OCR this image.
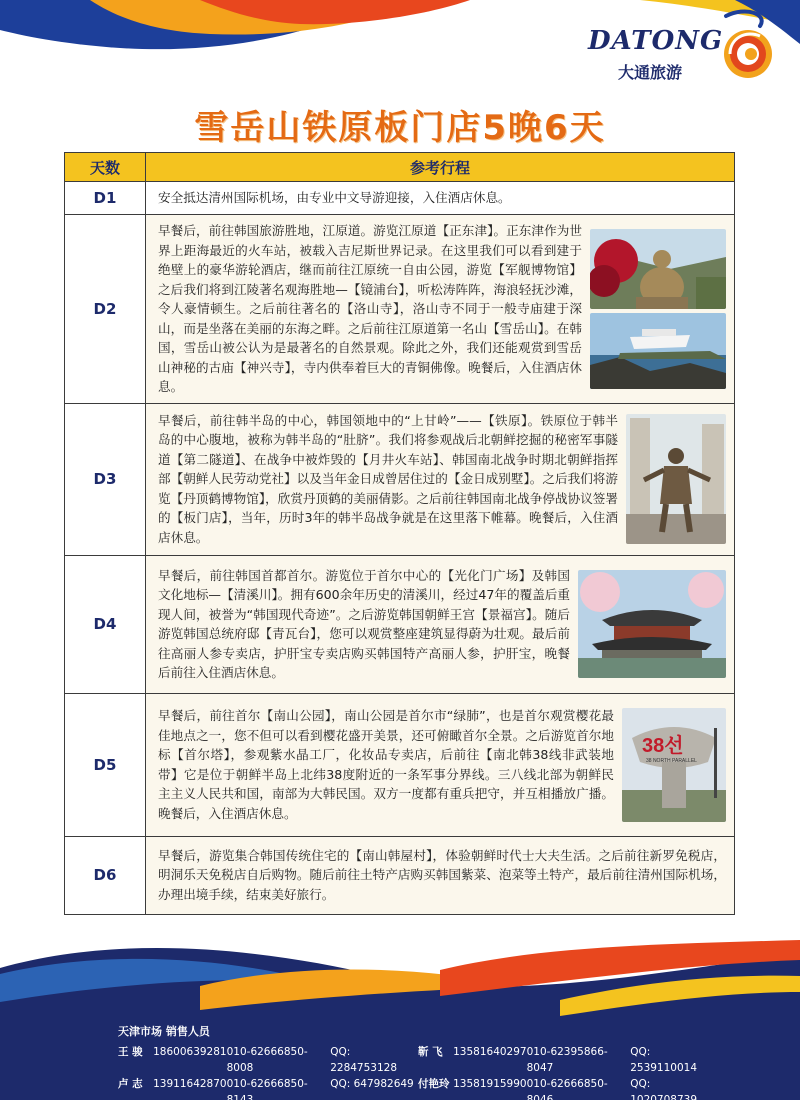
DATONG
大通旅游
雪岳山铁原板门店5晚6天
天数	参考行程
D1	安全抵达清州国际机场，由专业中文导游迎接，入住酒店休息。

D2	早餐后，前往韩国旅游胜地，江原道。游览江原道【正东津】。正东津作为世界上距海最近的火车站，被载入吉尼斯世界记录。在这里我们可以看到建于绝壁上的豪华游轮酒店，继而前往江原统一自由公园，游览【军舰博物馆】之后我们将到江陵著名观海胜地—【镜浦台】，听松涛阵阵，海浪轻抚沙滩，令人豪情顿生。之后前往著名的【洛山寺】，洛山寺不同于一般寺庙建于深山，而是坐落在美丽的东海之畔。之后前往江原道第一名山【雪岳山】。在韩国，雪岳山被公认为是最著名的自然景观。除此之外，我们还能观赏到雪岳山神秘的古庙【神兴寺】，寺内供奉着巨大的青铜佛像。晚餐后，入住酒店休息。

D3	早餐后，前往韩半岛的中心，韩国领地中的“上甘岭”——【铁原】。铁原位于韩半岛的中心腹地，被称为韩半岛的“肚脐”。我们将参观战后北朝鲜挖掘的秘密军事隧道【第二隧道】、在战争中被炸毁的【月井火车站】、韩国南北战争时期北朝鲜指挥部【朝鲜人民劳动党社】以及当年金日成曾居住过的【金日成别墅】。之后我们将游览【丹顶鹤博物馆】，欣赏丹顶鹤的美丽倩影。之后前往韩国南北战争停战协议签署的【板门店】，当年，历时3年的韩半岛战争就是在这里落下帷幕。晚餐后，入住酒店休息。

D4	早餐后，前往韩国首都首尔。游览位于首尔中心的【光化门广场】及韩国文化地标—【清溪川】。拥有600余年历史的清溪川，经过47年的覆盖后重现人间，被誉为“韩国现代奇迹”。之后游览韩国朝鲜王宫【景福宫】。随后游览韩国总统府邸【青瓦台】，您可以观赏整座建筑显得蔚为壮观。最后前往高丽人参专卖店，护肝宝专卖店购买韩国特产高丽人参，护肝宝，晚餐后前往入住酒店休息。

D5	早餐后，前往首尔【南山公园】，南山公园是首尔市“绿肺”，也是首尔观赏樱花最佳地点之一，您不但可以看到樱花盛开美景，还可俯瞰首尔全景。之后游览首尔地标【首尔塔】，参观紫水晶工厂，化妆品专卖店，后前往【南北韩38线非武装地带】它是位于朝鲜半岛上北纬38度附近的一条军事分界线。三八线北部为朝鲜民主主义人民共和国，南部为大韩民国。双方一度都有重兵把守，并互相播放广播。晚餐后，入住酒店休息。
38선
38 NORTH PARALLEL

D6	早餐后，游览集合韩国传统住宅的【南山韩屋村】，体验朝鲜时代士大夫生活。之后前往新罗免税店，明洞乐天免税店自后购物。随后前往土特产店购买韩国紫菜、泡菜等土特产，最后前往清州国际机场，办理出境手续，结束美好旅行。
天津市场 销售人员
王 骏 18600639281 010-62666850-8008
QQ: 2284753128
靳 飞 13581640297 010-62395866-8047
QQ: 2539110014
卢 志 13911642870 010-62666850-8143
QQ: 647982649 付艳玲 13581915990 010-62666850-8046
QQ: 1020708739
